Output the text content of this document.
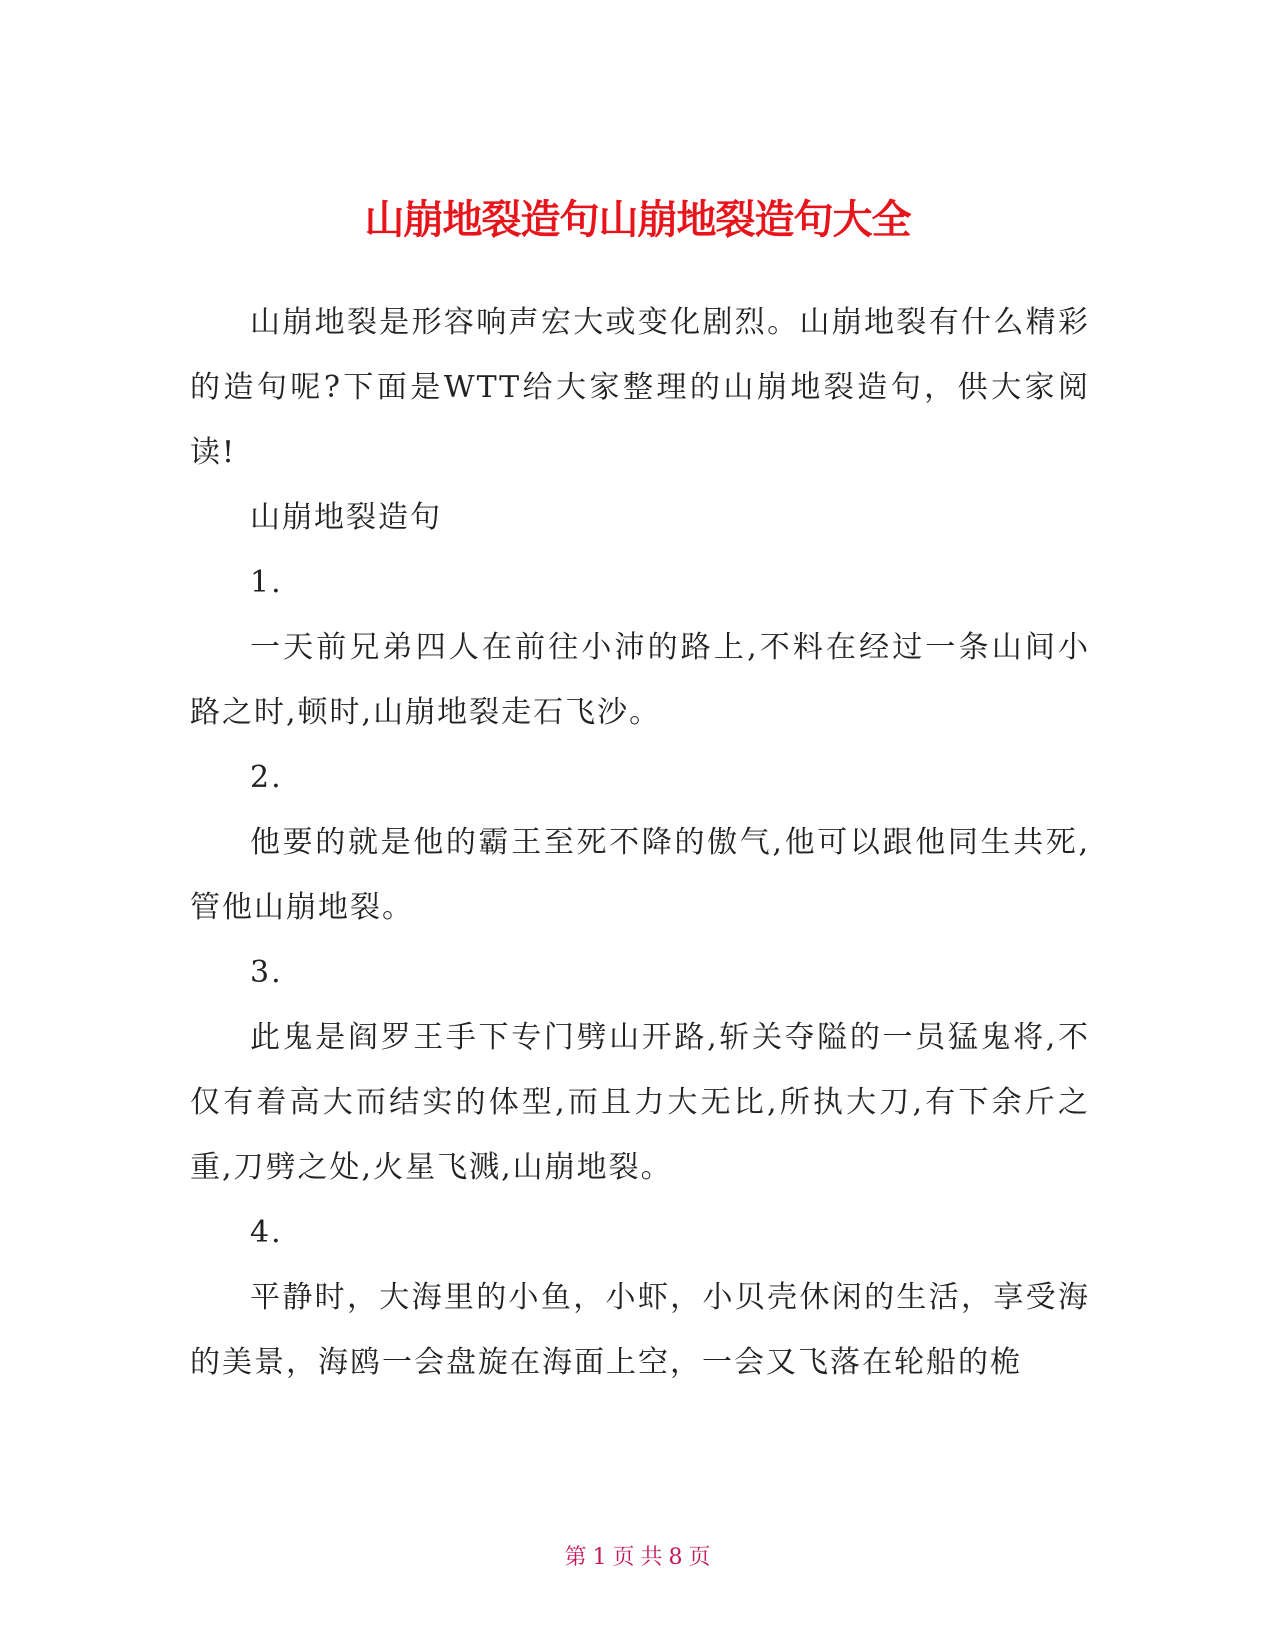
山崩地裂造句山崩地裂造句大全

山崩地裂是形容响声宏大或变化剧烈。山崩地裂有什么精彩的造句呢?下面是WTT给大家整理的山崩地裂造句，供大家阅读!

山崩地裂造句

1.

一天前兄弟四人在前往小沛的路上,不料在经过一条山间小路之时,顿时,山崩地裂走石飞沙。

2.

他要的就是他的霸王至死不降的傲气,他可以跟他同生共死,管他山崩地裂。

3.

此鬼是阎罗王手下专门劈山开路,斩关夺隘的一员猛鬼将,不仅有着高大而结实的体型,而且力大无比,所执大刀,有下余斤之重,刀劈之处,火星飞溅,山崩地裂。

4.

平静时，大海里的小鱼，小虾，小贝壳休闲的生活，享受海的美景，海鸥一会盘旋在海面上空，一会又飞落在轮船的桅

第 1 页 共 8 页
